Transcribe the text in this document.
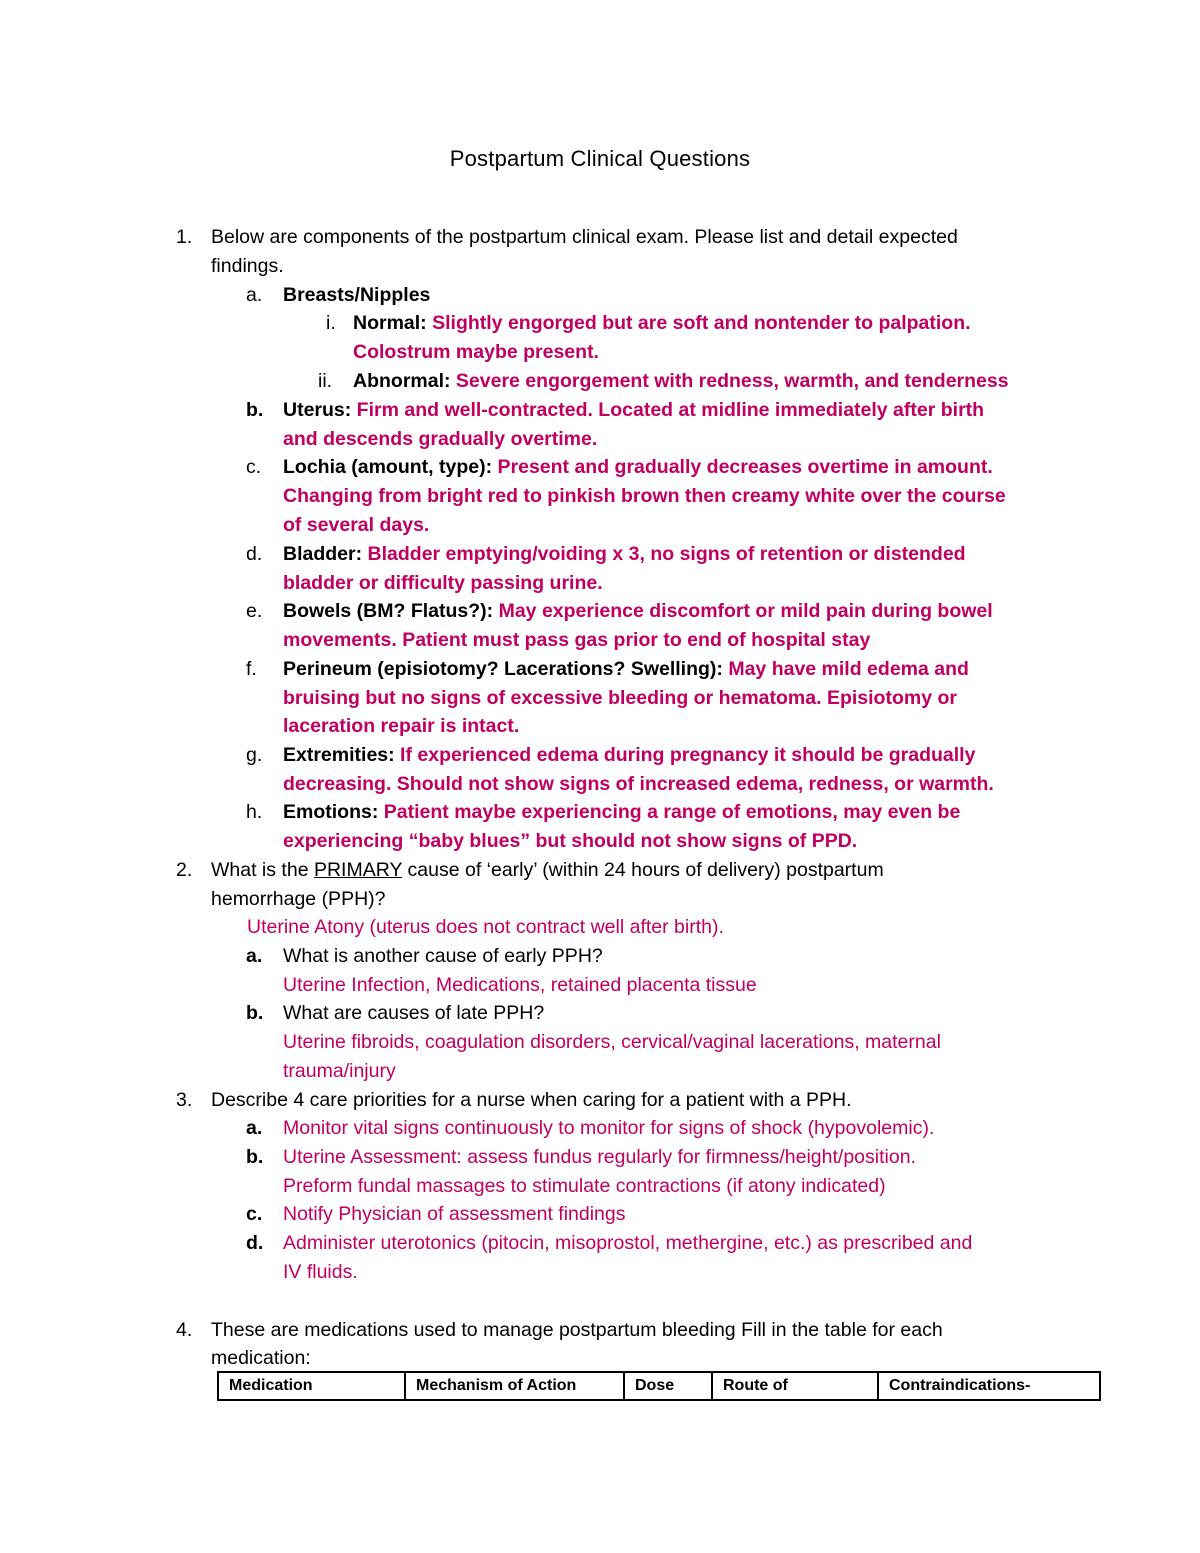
Postpartum Clinical Questions
1. Below are components of the postpartum clinical exam. Please list and detail expected
findings.
a. Breasts/Nipples
i. Normal: Slightly engorged but are soft and nontender to palpation.
Colostrum maybe present.
ii. Abnormal: Severe engorgement with redness, warmth, and tenderness
b. Uterus: Firm and well-contracted. Located at midline immediately after birth
and descends gradually overtime.
c. Lochia (amount, type): Present and gradually decreases overtime in amount.
Changing from bright red to pinkish brown then creamy white over the course
of several days.
d. Bladder: Bladder emptying/voiding x 3, no signs of retention or distended
bladder or difficulty passing urine.
e. Bowels (BM? Flatus?): May experience discomfort or mild pain during bowel
movements. Patient must pass gas prior to end of hospital stay
f. Perineum (episiotomy? Lacerations? Swelling): May have mild edema and
bruising but no signs of excessive bleeding or hematoma. Episiotomy or
laceration repair is intact.
g. Extremities: If experienced edema during pregnancy it should be gradually
decreasing. Should not show signs of increased edema, redness, or warmth.
h. Emotions: Patient maybe experiencing a range of emotions, may even be
experiencing “baby blues” but should not show signs of PPD.
2. What is the PRIMARY cause of ‘early’ (within 24 hours of delivery) postpartum
hemorrhage (PPH)?
Uterine Atony (uterus does not contract well after birth).
a. What is another cause of early PPH?
Uterine Infection, Medications, retained placenta tissue
b. What are causes of late PPH?
Uterine fibroids, coagulation disorders, cervical/vaginal lacerations, maternal
trauma/injury
3. Describe 4 care priorities for a nurse when caring for a patient with a PPH.
a. Monitor vital signs continuously to monitor for signs of shock (hypovolemic).
b. Uterine Assessment: assess fundus regularly for firmness/height/position.
Preform fundal massages to stimulate contractions (if atony indicated)
c. Notify Physician of assessment findings
d. Administer uterotonics (pitocin, misoprostol, methergine, etc.) as prescribed and
IV fluids.
4. These are medications used to manage postpartum bleeding Fill in the table for each
medication:
Medication	Mechanism of Action	Dose	Route of	Contraindications-
